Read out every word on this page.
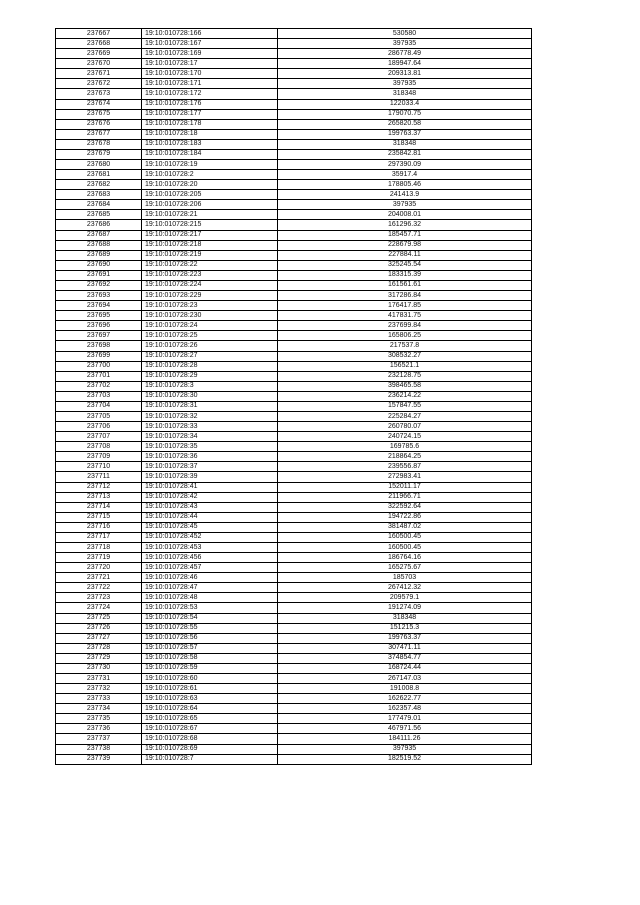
237667	19:10:010728:166	530580
237668	19:10:010728:167	397935
237669	19:10:010728:169	286778.49
237670	19:10:010728:17	189947.64
237671	19:10:010728:170	209313.81
237672	19:10:010728:171	397935
237673	19:10:010728:172	318348
237674	19:10:010728:176	122033.4
237675	19:10:010728:177	179070.75
237676	19:10:010728:178	265820.58
237677	19:10:010728:18	199763.37
237678	19:10:010728:183	318348
237679	19:10:010728:184	235842.81
237680	19:10:010728:19	297390.09
237681	19:10:010728:2	35917.4
237682	19:10:010728:20	178805.46
237683	19:10:010728:205	241413.9
237684	19:10:010728:206	397935
237685	19:10:010728:21	204008.01
237686	19:10:010728:215	161296.32
237687	19:10:010728:217	185457.71
237688	19:10:010728:218	228679.98
237689	19:10:010728:219	227884.11
237690	19:10:010728:22	325245.54
237691	19:10:010728:223	183315.39
237692	19:10:010728:224	161561.61
237693	19:10:010728:229	317286.84
237694	19:10:010728:23	176417.85
237695	19:10:010728:230	417831.75
237696	19:10:010728:24	237699.84
237697	19:10:010728:25	165806.25
237698	19:10:010728:26	217537.8
237699	19:10:010728:27	308532.27
237700	19:10:010728:28	156521.1
237701	19:10:010728:29	232128.75
237702	19:10:010728:3	398465.58
237703	19:10:010728:30	236214.22
237704	19:10:010728:31	157847.55
237705	19:10:010728:32	225284.27
237706	19:10:010728:33	260780.07
237707	19:10:010728:34	240724.15
237708	19:10:010728:35	169785.6
237709	19:10:010728:36	218864.25
237710	19:10:010728:37	239556.87
237711	19:10:010728:39	272983.41
237712	19:10:010728:41	152011.17
237713	19:10:010728:42	211966.71
237714	19:10:010728:43	322592.64
237715	19:10:010728:44	194722.86
237716	19:10:010728:45	381487.02
237717	19:10:010728:452	160500.45
237718	19:10:010728:453	160500.45
237719	19:10:010728:456	186764.16
237720	19:10:010728:457	165275.67
237721	19:10:010728:46	185703
237722	19:10:010728:47	267412.32
237723	19:10:010728:48	209579.1
237724	19:10:010728:53	191274.09
237725	19:10:010728:54	318348
237726	19:10:010728:55	151215.3
237727	19:10:010728:56	199763.37
237728	19:10:010728:57	307471.11
237729	19:10:010728:58	374854.77
237730	19:10:010728:59	168724.44
237731	19:10:010728:60	267147.03
237732	19:10:010728:61	191008.8
237733	19:10:010728:63	162622.77
237734	19:10:010728:64	162357.48
237735	19:10:010728:65	177479.01
237736	19:10:010728:67	467971.56
237737	19:10:010728:68	184111.26
237738	19:10:010728:69	397935
237739	19:10:010728:7	182519.52
